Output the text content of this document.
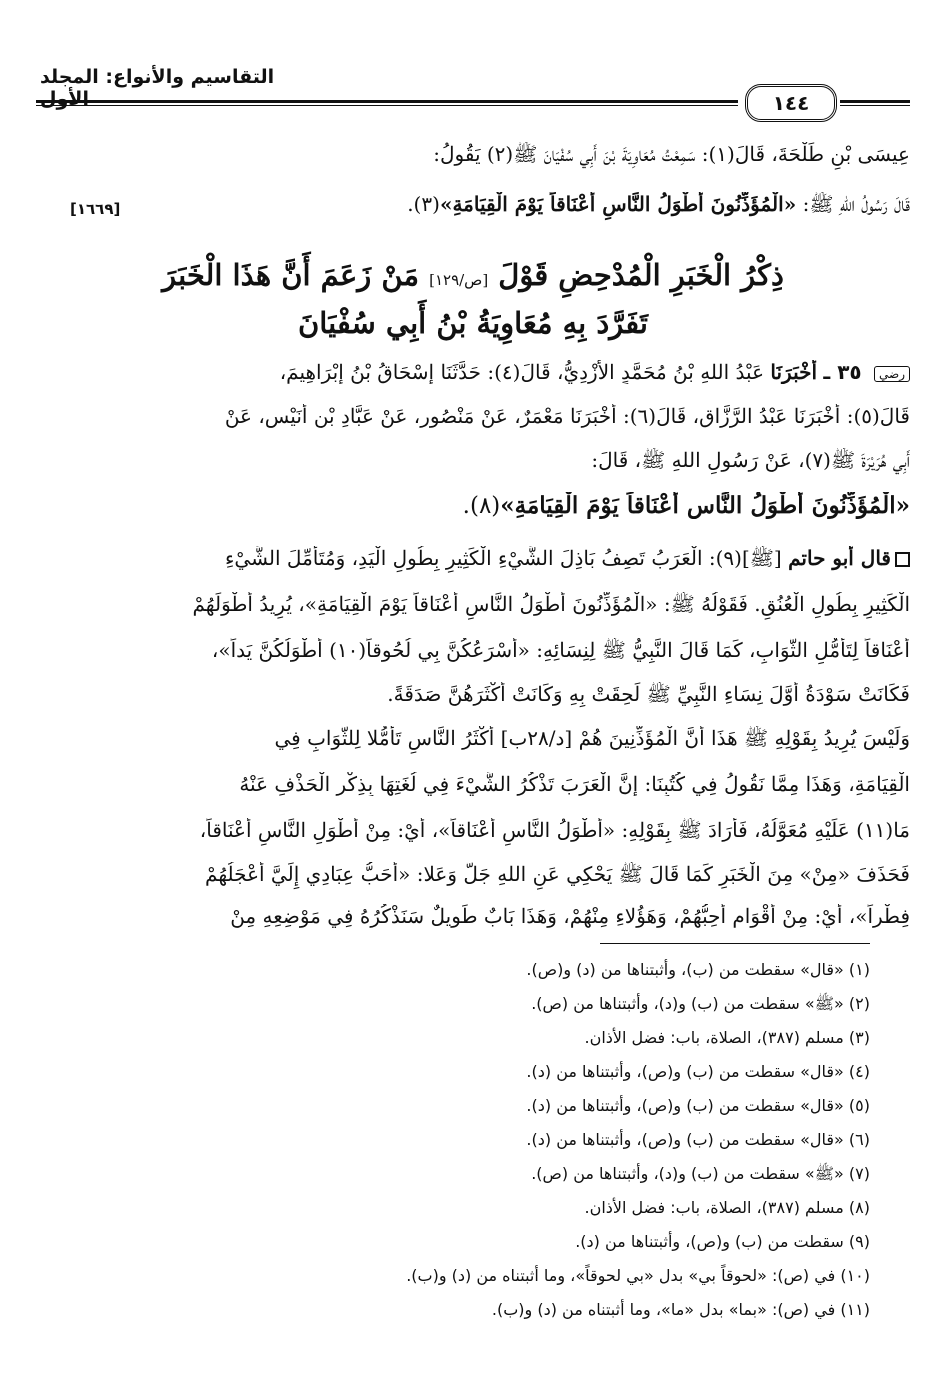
التقاسيم والأنواع: المجلد الأول	١٤٤
عِيسَى بْنِ طَلْحَةَ، قَالَ(١): سَمِعْتُ مُعَاوِيَةَ بْنَ أَبِي سُفْيَانَ ﷺ(٢) يَقُولُ:
قَالَ رَسُولُ اللهِ ﷺ: «الْمُؤَذِّنُونَ أَطْوَلُ النَّاسِ أَعْنَاقاً يَوْمَ الْقِيَامَةِ»(٣).
[١٦٦٩]
ذِكْرُ الْخَبَرِ الْمُدْحِضِ قَوْلَ [ص/١٢٩] مَنْ زَعَمَ أَنَّ هَذَا الْخَبَرَ
تَفَرَّدَ بِهِ مُعَاوِيَةُ بْنُ أَبِي سُفْيَانَ
رضي ٣٥ ـ أَخْبَرَنَا عَبْدُ اللهِ بْنُ مُحَمَّدٍ الأَزْدِيُّ، قَالَ(٤): حَدَّثَنَا إِسْحَاقُ بْنُ إِبْرَاهِيمَ،
قَالَ(٥): أَخْبَرَنَا عَبْدُ الرَّزَّاقِ، قَالَ(٦): أَخْبَرَنَا مَعْمَرٌ، عَنْ مَنْصُورٍ، عَنْ عَبَّادِ بْنِ أُنَيْسٍ، عَنْ
أَبِي هُرَيْرَةَ ﷺ(٧)، عَنْ رَسُولِ اللهِ ﷺ، قَالَ:
«الْمُؤَذِّنُونَ أَطْوَلُ النَّاسِ أَعْنَاقاً يَوْمَ الْقِيَامَةِ»(٨).
قال أبو حاتم [ﷺ](٩): الْعَرَبُ تَصِفُ بَاذِلَ الشَّيْءِ الْكَثِيرِ بِطُولِ الْيَدِ، وَمُتَأَمِّلَ الشَّيْءِ
الْكَثِيرِ بِطُولِ الْعُنُقِ. فَقَوْلُهُ ﷺ: «الْمُؤَذِّنُونَ أَطْوَلُ النَّاسِ أَعْنَاقاً يَوْمَ الْقِيَامَةِ»، يُرِيدُ أَطْوَلَهُمْ
أَعْنَاقاً لِتَأَمُّلِ الثَّوَابِ، كَمَا قَالَ النَّبِيُّ ﷺ لِنِسَائِهِ: «أَسْرَعُكُنَّ بِي لُحُوقاً(١٠) أَطْوَلُكُنَّ يَداً»،
فَكَانَتْ سَوْدَةُ أَوَّلَ نِسَاءِ النَّبِيِّ ﷺ لَحِقَتْ بِهِ وَكَانَتْ أَكْثَرَهُنَّ صَدَقَةً.
وَلَيْسَ يُرِيدُ بِقَوْلِهِ ﷺ هَذَا أَنَّ الْمُؤَذِّنِينَ هُمْ [د/٢٨ب] أَكْثَرُ النَّاسِ تَأَمُّلا لِلثَّوَابِ فِي
الْقِيَامَةِ، وَهَذَا مِمَّا نَقُولُ فِي كُتُبِنَا: إِنَّ الْعَرَبَ تَذْكُرُ الشَّيْءَ فِي لُغَتِهَا بِذِكْرِ الْحَذْفِ عَنْهُ
مَا(١١) عَلَيْهِ مُعَوَّلُهُ، فَأَرَادَ ﷺ بِقَوْلِهِ: «أَطْوَلُ النَّاسِ أَعْنَاقاً»، أَيْ: مِنْ أَطْوَلِ النَّاسِ أَعْنَاقاً،
فَحَذَفَ «مِنْ» مِنَ الْخَبَرِ كَمَا قَالَ ﷺ يَحْكِي عَنِ اللهِ جَلَّ وَعَلا: «أَحَبُّ عِبَادِي إِلَيَّ أَعْجَلُهُمْ
فِطْراً»، أَيْ: مِنْ أَقْوَامٍ أُحِبُّهُمْ، وَهَؤُلاءِ مِنْهُمْ، وَهَذَا بَابٌ طَوِيلٌ سَنَذْكُرُهُ فِي مَوْضِعِهِ مِنْ
(١) «قال» سقطت من (ب)، وأثبتناها من (د) و(ص).
(٢) «ﷺ» سقطت من (ب) و(د)، وأثبتناها من (ص).
(٣) مسلم (٣٨٧)، الصلاة، باب: فضل الأذان.
(٤) «قال» سقطت من (ب) و(ص)، وأثبتناها من (د).
(٥) «قال» سقطت من (ب) و(ص)، وأثبتناها من (د).
(٦) «قال» سقطت من (ب) و(ص)، وأثبتناها من (د).
(٧) «ﷺ» سقطت من (ب) و(د)، وأثبتناها من (ص).
(٨) مسلم (٣٨٧)، الصلاة، باب: فضل الأذان.
(٩) سقطت من (ب) و(ص)، وأثبتناها من (د).
(١٠) في (ص): «لحوقاً بي» بدل «بي لحوقاً»، وما أثبتناه من (د) و(ب).
(١١) في (ص): «بما» بدل «ما»، وما أثبتناه من (د) و(ب).
